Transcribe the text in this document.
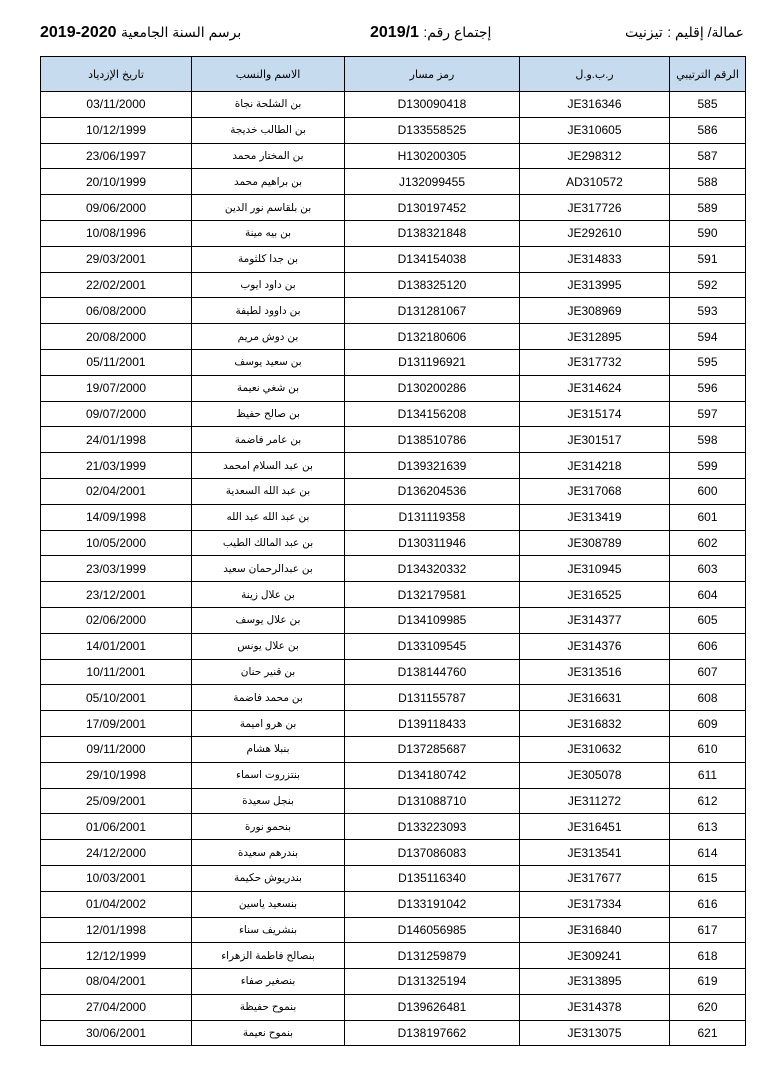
برسم السنة الجامعية 2020-2019	إجتماع رقم: 2019/1	عمالة/ إقليم : تيزنيت
الرقم الترتيبي	ر.ب.و.ل	رمز مسار	الاسم والنسب	تاريخ الإزدياد
585	JE316346	D130090418	بن الشلحة نجاة	03/11/2000
586	JE310605	D133558525	بن الطالب خديجة	10/12/1999
587	JE298312	H130200305	بن المختار محمد	23/06/1997
588	AD310572	J132099455	بن براهيم محمد	20/10/1999
589	JE317726	D130197452	بن بلقاسم نور الدين	09/06/2000
590	JE292610	D138321848	بن بيه مينة	10/08/1996
591	JE314833	D134154038	بن جدا كلثومة	29/03/2001
592	JE313995	D138325120	بن داود ايوب	22/02/2001
593	JE308969	D131281067	بن داوود لطيفة	06/08/2000
594	JE312895	D132180606	بن دوش مريم	20/08/2000
595	JE317732	D131196921	بن سعيد يوسف	05/11/2001
596	JE314624	D130200286	بن شغي نعيمة	19/07/2000
597	JE315174	D134156208	بن صالح حفيظ	09/07/2000
598	JE301517	D138510786	بن عامر فاضمة	24/01/1998
599	JE314218	D139321639	بن عبد السلام امحمد	21/03/1999
600	JE317068	D136204536	بن عبد الله السعدية	02/04/2001
601	JE313419	D131119358	بن عبد الله عبد الله	14/09/1998
602	JE308789	D130311946	بن عبد المالك الطيب	10/05/2000
603	JE310945	D134320332	بن عبدالرحمان سعيد	23/03/1999
604	JE316525	D132179581	بن علال زينة	23/12/2001
605	JE314377	D134109985	بن علال يوسف	02/06/2000
606	JE314376	D133109545	بن علال يونس	14/01/2001
607	JE313516	D138144760	بن قنير حنان	10/11/2001
608	JE316631	D131155787	بن محمد فاضمة	05/10/2001
609	JE316832	D139118433	بن هرو اميمة	17/09/2001
610	JE310632	D137285687	بنبلا هشام	09/11/2000
611	JE305078	D134180742	بنتزروت اسماء	29/10/1998
612	JE311272	D131088710	بنجل سعيدة	25/09/2001
613	JE316451	D133223093	بنحمو نورة	01/06/2001
614	JE313541	D137086083	بندرهم سعيدة	24/12/2000
615	JE317677	D135116340	بندريوش حكيمة	10/03/2001
616	JE317334	D133191042	بنسعيد ياسين	01/04/2002
617	JE316840	D146056985	بنشريف سناء	12/01/1998
618	JE309241	D131259879	بنصالح فاطمة الزهراء	12/12/1999
619	JE313895	D131325194	بنصغير صفاء	08/04/2001
620	JE314378	D139626481	بنموح حفيظة	27/04/2000
621	JE313075	D138197662	بنموح نعيمة	30/06/2001
